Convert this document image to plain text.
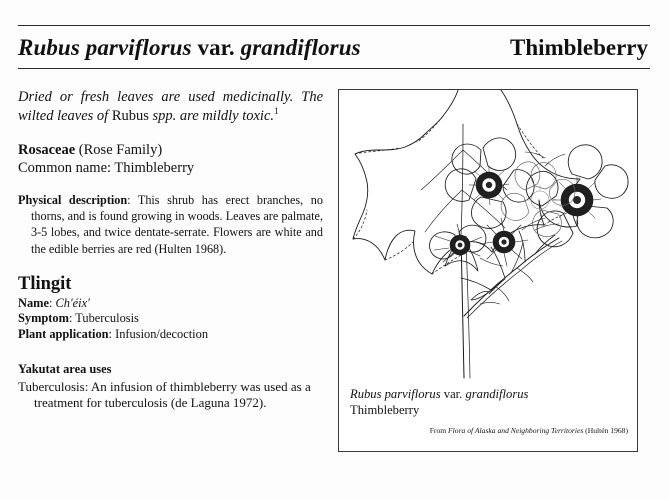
Rubus parviflorus var. grandiflorus	Thimbleberry

Dried or fresh leaves are used medicinally. The wilted leaves of Rubus spp. are mildly toxic.$^1$

Rosaceae (Rose Family)
Common name: Thimbleberry

Physical description: This shrub has erect branches, no thorns, and is found growing in woods. Leaves are palmate, 3-5 lobes, and twice dentate-serrate. Flowers are white and the edible berries are red (Hulten 1968).

Tlingit
Name: Ch'éix'
Symptom: Tuberculosis
Plant application: Infusion/decoction
Yakutat area uses

Tuberculosis: An infusion of thimbleberry was used as a treatment for tuberculosis (de Laguna 1972).

Rubus parviflorus var. grandiflorus
Thimbleberry
From Flora of Alaska and Neighboring Territories (Hultén 1968)
